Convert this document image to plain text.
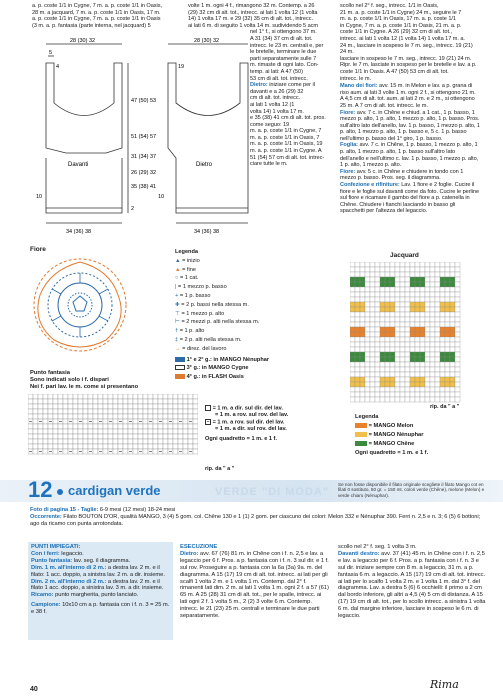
a. p. coste 1/1 in Cygne, 7 m. a. p. coste 1/1 in Oasis,
28 m. a jacquard, 7 m. a. p. coste 1/1 in Oasis, 17 m.
a. p. coste 1/1 in Cygne, 7 m. a. p. coste 1/1 in Oasis
(3 m. a. p. fantasia (parte interna, nel jacquard) 5
Davanti	Dietro
28 (30) 32	28 (30) 32
5
47 (50) 53
31 (34) 37
26 (29) 32
35 (38) 41
51 (54) 57
2
34 (36) 38	34 (36) 38
10	10
4	19
volte 1 m. ogni 4 f., rimangono 32 m. Contemp. a 26
(29) 32 cm di alt. tot., intrecc. ai lati 1 volta 12 (1 volta
14) 1 volta 17 m. e 29 (32) 35 cm di alt. tot., intrecc.
ai lati 6 m. di seguito 1 volta 14 m. sudividendo 5 acm
nel 1° f., si ottengono 37 m.
A 31 (34) 37 cm di alt. tot.
intrecc. le 23 m. centrali e, per
le bretelle, terminare le due
parti separatamente sulle 7
m. rimaste di ogni lato. Con-
temp. ai lati: A 47 (50)
53 cm di alt. tot. intrecc.
Dietro: iniziare come per il
davanti e a 26 (29) 32
cm di alt. tot. intrecc.
ai lati 1 volta 12 (1
volta 14) 1 volta 17 m.
e 35 (38) 41 cm di alt. tot. pros. come seguo: 19
m. a. p. coste 1/1 in Cygne, 7
m. a. p. coste 1/1 in Oasis, 7
m. a. p. coste 1/1 in Oasis, 19
m. a. p. coste 1/1 in Cygne. A
51 (54) 57 cm di alt. tot. intrec-
ciare tutte le m.
scollo nel 2° f. seg., intrecc. 1/1 in Oasis,
21 m. a. p. coste 1/1 in Cygne) 24 m., seguire le 7
m. a. p. coste 1/1 in Oasis, 17 m. a. p. coste 1/1
in Cygne, 7 m. a. p. coste 1/1 in Oasis, 21 m. a. p.
coste 1/1 in Cygne. A 26 (29) 32 cm di alt. tot.,
intrecc. ai lati 1 volta 12 (1 volta 14) 1 volta 17 m. a.
24 m., lasciare in sospeso le 7 m. seg., intrecc. 19 (21) 24 m.
lasciare in sospeso le 7 m. seg., intrecc. 19 (21) 24 m.
Ripr. le 7 m. lasciate in sospeso per le bretelle e lav. a p.
coste 1/1 in Oasis. A 47 (50) 53 cm di alt. tot.
intrecc. le m.
Mano dei fiori: avv. 15 m. in Melon e lav. a p. grana di riso aum. ai lati 3 volte 1 m. ogni 2 f., si ottengono 21 m. A 4,5 cm di alt. tot. aum. ai lati 2 m. e 2 m., si ottengono 25 m. A 7 cm di alt. tot. intrecc. le m.
Fiore: avv. 7 c. in Chêne e chiud. a 1 cat., 1 p. basso, 1 mezzo p. alto, 1 p. alto, 1 mezzo p. alto, 1 p. basso. Pros. sull'altro lato dell'anello, lav. 1 p. basso, 1 mezzo p. alto, 1 p. alto, 1 mezzo p. alto, 1 p. basso e, 5 c. 1 p. basso nell'ultimo p. basso del 1° giro, 1 p. basso.
Foglia: avv. 7 c. in Chêne, 1 p. basso, 1 mezzo p. alto, 1 p. alto, 1 mezzo p. alto, 1 p. basso sull'altro lato dell'anello e nell'ultimo c. lav. 1 p. basso, 1 mezzo p. alto, 1 p. alto, 1 mezzo p. alto.
Fiore: avv. 5 c. in Chêne e chiudere in tondo con 1 mezzo p. basso. Pros. seg. il diagramma.
Confezione e rifiniture: Lav. 1 fiore e 2 foglie. Cucire il fiore e le foglie sul davanti come da foto. Cucire le perline sul fiore e ricamare il gambo del fiore a p. catenella in Chêne. Chiudere i fianchi lasciando in basso gli spacchetti per l'altezza del legaccio.
Fiore	Legenda
▲ = inizio
▲ = fine
○ = 1 cat.
| = 1 mezzo p. basso
+ = 1 p. basso
✚ = 2 p. bassi nella stessa m.
⊤ = 1 mezzo p. alto
⊢ = 2 mezzi p. alti nella stessa m.
† = 1 p. alto
‡ = 2 p. alti nella stessa m.
→ = direz. del lavoro
1° e 2° g.: in MANGO Nénuphar
3° g.: in MANGO Cygne
4° g.: in FLASH Oasis
Punto fantasia
Sono indicati solo i f. dispari
Nei f. pari lav. le m. come si presentano
= 1 m. a dir. sul dir. del lav.
= 1 m. a rov. sul rov. del lav.
– = 1 m. a rov. sul dir. del lav.
= 1 m. a dir. sul rov. del lav.
Ogni quadretto = 1 m. e 1 f.
rip. da " a "
Jacquard
rip. da " a "
Legenda
= MANGO Melon
= MANGO Nénuphar
= MANGO Chêne
Ogni quadretto = 1 m. e 1 f.
12 cardigan verde	VERDE "DI MODA"
Se non fosse disponibile il filato originale scegliete il filato Mango cot en filati 0 sostituto, 50 gr. = 150 mt. colori verde (Chêne), melone (Melon) e verde chiaro (Nénuphar).
Foto di pagina 15 - Taglie: 6-9 mesi (12 mesi) 18-24 mesi
Occorrente: Filato BOUTON D'OR, qualità MANGO, 3 (4) 5 gom. col. Chêne 130 e 1 (1) 2 gom. per ciascuno dei colori: Melon 332 e Nénuphar 390. Ferri n. 2,5 e n. 3; 6 (5) 6 bottoni; ago da ricamo con punta arrotondata.
PUNTI IMPIEGATI:
Con i ferri: legaccio.
Punto fantasia: lav. seg. il diagramma.
Dim. 1 m. all'interno di 2 m.: a destra lav. 2 m. e il filato: 1 acc. doppio, a sinistra lav. 2 m. a dir. insieme.
Dim. 2 m. all'interno di 2 m.: a destra lav. 2 m. e il filato 1 acc. doppio, a sinistra lav. 3 m. a dir. insieme.
Ricamo: punto margherita, punto lanciato.
Campione: 10x10 cm a p. fantasia con i f. n. 3 = 25 m. e 38 f.
ESECUZIONE
Dietro: avv. 67 (76) 81 m. in Chêne con i f. n. 2,5 e lav. a legaccio per 6 f. Pros. a p. fantasia con i f. n. 3 sul dir. e 1 f. sul rov. Proseguire a p. fantasia con la 6a (3a) 9a. m. del diagramma. A 15 (17) 19 cm di alt. tot. intrecc. ai lati per gli scalfi 1 volta 2 m. e 1 volta 1 m. Contemp. dal 2° f. rimanenti lati dim. 2 m. ai lati 1 volta 1 m. ogni 2 f. a 57 (61) 65 m. A 25 (28) 31 cm di alt. tot., per le spalle, intrecc. ai lati ogni 2 f. 1 volta 5 m., 2 (2) 3 volte 6 m. Contemp. intrecc. le 21 (23) 25 m. centrali e terminare le due parti separatamente.
scollo nel 2° f. seg. 1 volta 3 m.
Davanti destro: avv. 37 (41) 45 m. in Chêne con i f. n. 2,5 e lav. a legaccio per 6 f. Pros. a p. fantasia con i f. n. 3 e sul dir. iniziare sempre con 8 m. a legaccio, 31 m. a p. fantasia 6 m. a legaccio. A 15 (17) 19 cm di alt. tot. intrecc. ai lati per lo scalfo 1 volta 2 m. e 1 volta 1 m. dal 3° f. del diagramma. Lav. a destra 5 (6) 6 occhielli: il primo a 2 cm dal bordo inferiore, gli altri a 4,5 (4) 5 cm di distanza. A 15 (17) 19 cm di alt. tot., per lo scollo intrecc. a sinistra 1 volta 6 m. dal margine inferiore, lasciare in sospeso le 6 m. di legaccio.
40	Rima
